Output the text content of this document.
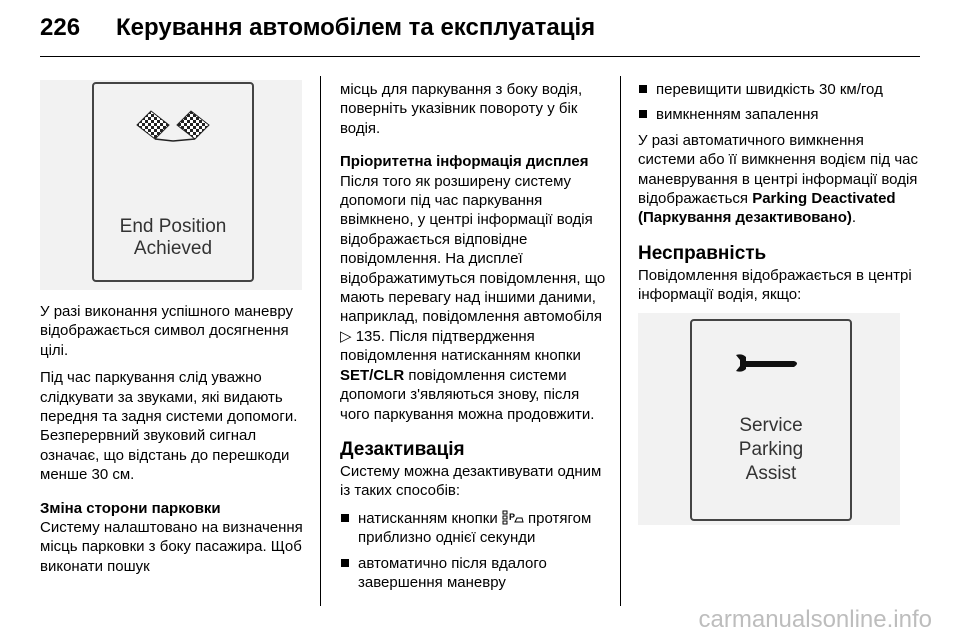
226 Керування автомобілем та експлуатація
End Position
Achieved

У разі виконання успішного маневру відображається символ досягнення цілі.

Під час паркування слід уважно слідкувати за звуками, які видають передня та задня системи допомоги. Безперервний звуковий сигнал означає, що відстань до перешкоди менше 30 см.

Зміна сторони парковки

Систему налаштовано на визначення місць парковки з боку пасажира. Щоб виконати пошук

місць для паркування з боку водія, поверніть указівник повороту у бік водія.

Пріоритетна інформація дисплея

Після того як розширену систему допомоги під час паркування ввімкнено, у центрі інформації водія відображається відповідне повідомлення. На дисплеї відображатимуться повідомлення, що мають перевагу над іншими даними, наприклад, повідомлення автомобіля ▷ 135. Після підтвердження повідомлення натисканням кнопки SET/CLR повідомлення системи допомоги з'являються знову, після чого паркування можна продовжити.

Дезактивація

Систему можна дезактивувати одним із таких способів:

натисканням кнопки P протягом приблизно однієї секунди
автоматично після вдалого завершення маневру
перевищити швидкість 30 км/год
вимкненням запалення

У разі автоматичного вимкнення системи або її вимкнення водієм під час маневрування в центрі інформації водія відображається Parking Deactivated (Паркування дезактивовано).

Несправність

Повідомлення відображається в центрі інформації водія, якщо:

Service
Parking
Assist
carmanualsonline.info
